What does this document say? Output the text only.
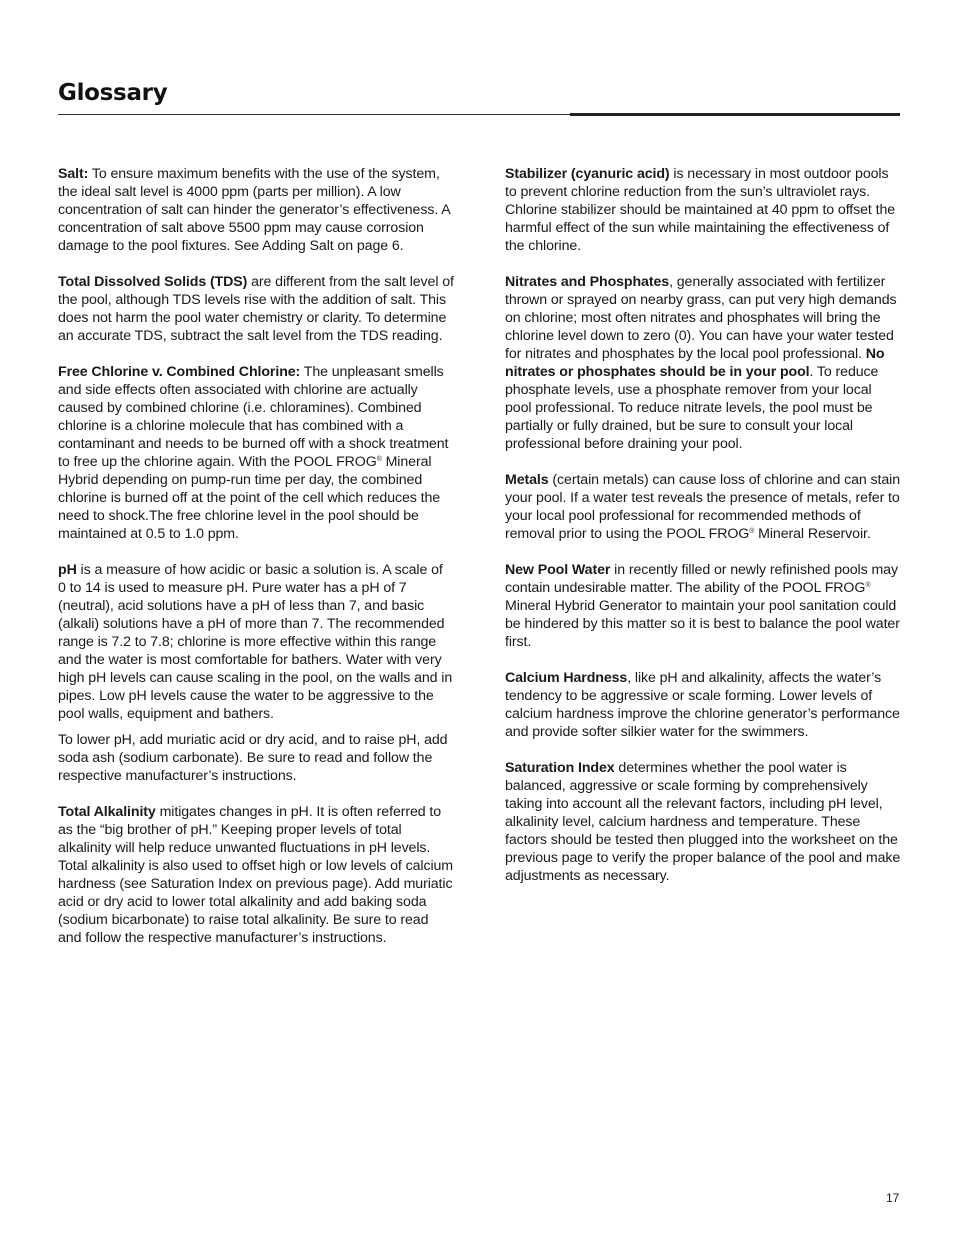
Glossary

Salt: To ensure maximum benefits with the use of the system, the ideal salt level is 4000 ppm (parts per million). A low concentration of salt can hinder the generator’s effectiveness. A concentration of salt above 5500 ppm may cause corrosion damage to the pool fixtures. See Adding Salt on page 6.

Total Dissolved Solids (TDS) are different from the salt level of the pool, although TDS levels rise with the addition of salt. This does not harm the pool water chemistry or clarity. To determine an accurate TDS, subtract the salt level from the TDS reading.

Free Chlorine v. Combined Chlorine: The unpleasant smells and side effects often associated with chlorine are actually caused by combined chlorine (i.e. chloramines). Combined chlorine is a chlorine molecule that has combined with a contaminant and needs to be burned off with a shock treatment to free up the chlorine again. With the POOL FROG® Mineral Hybrid depending on pump-run time per day, the combined chlorine is burned off at the point of the cell which reduces the need to shock.The free chlorine level in the pool should be maintained at 0.5 to 1.0 ppm.

pH is a measure of how acidic or basic a solution is. A scale of 0 to 14 is used to measure pH. Pure water has a pH of 7 (neutral), acid solutions have a pH of less than 7, and basic (alkali) solutions have a pH of more than 7. The recommended range is 7.2 to 7.8; chlorine is more effective within this range and the water is most comfortable for bathers. Water with very high pH levels can cause scaling in the pool, on the walls and in pipes. Low pH levels cause the water to be aggressive to the pool walls, equipment and bathers.

To lower pH, add muriatic acid or dry acid, and to raise pH, add soda ash (sodium carbonate). Be sure to read and follow the respective manufacturer’s instructions.

Total Alkalinity mitigates changes in pH. It is often referred to as the “big brother of pH.” Keeping proper levels of total alkalinity will help reduce unwanted fluctuations in pH levels. Total alkalinity is also used to offset high or low levels of calcium hardness (see Saturation Index on previous page). Add muriatic acid or dry acid to lower total alkalinity and add baking soda (sodium bicarbonate) to raise total alkalinity. Be sure to read and follow the respective manufacturer’s instructions.

Stabilizer (cyanuric acid) is necessary in most outdoor pools to prevent chlorine reduction from the sun’s ultraviolet rays. Chlorine stabilizer should be maintained at 40 ppm to offset the harmful effect of the sun while maintaining the effectiveness of the chlorine.

Nitrates and Phosphates, generally associated with fertilizer thrown or sprayed on nearby grass, can put very high demands on chlorine; most often nitrates and phosphates will bring the chlorine level down to zero (0). You can have your water tested for nitrates and phosphates by the local pool professional. No nitrates or phosphates should be in your pool. To reduce phosphate levels, use a phosphate remover from your local pool professional. To reduce nitrate levels, the pool must be partially or fully drained, but be sure to consult your local professional before draining your pool.

Metals (certain metals) can cause loss of chlorine and can stain your pool. If a water test reveals the presence of metals, refer to your local pool professional for recommended methods of removal prior to using the POOL FROG® Mineral Reservoir.

New Pool Water in recently filled or newly refinished pools may contain undesirable matter. The ability of the POOL FROG® Mineral Hybrid Generator to maintain your pool sanitation could be hindered by this matter so it is best to balance the pool water first.

Calcium Hardness, like pH and alkalinity, affects the water’s tendency to be aggressive or scale forming. Lower levels of calcium hardness improve the chlorine generator’s performance and provide softer silkier water for the swimmers.

Saturation Index determines whether the pool water is balanced, aggressive or scale forming by comprehensively taking into account all the relevant factors, including pH level, alkalinity level, calcium hardness and temperature. These factors should be tested then plugged into the worksheet on the previous page to verify the proper balance of the pool and make adjustments as necessary.

17
